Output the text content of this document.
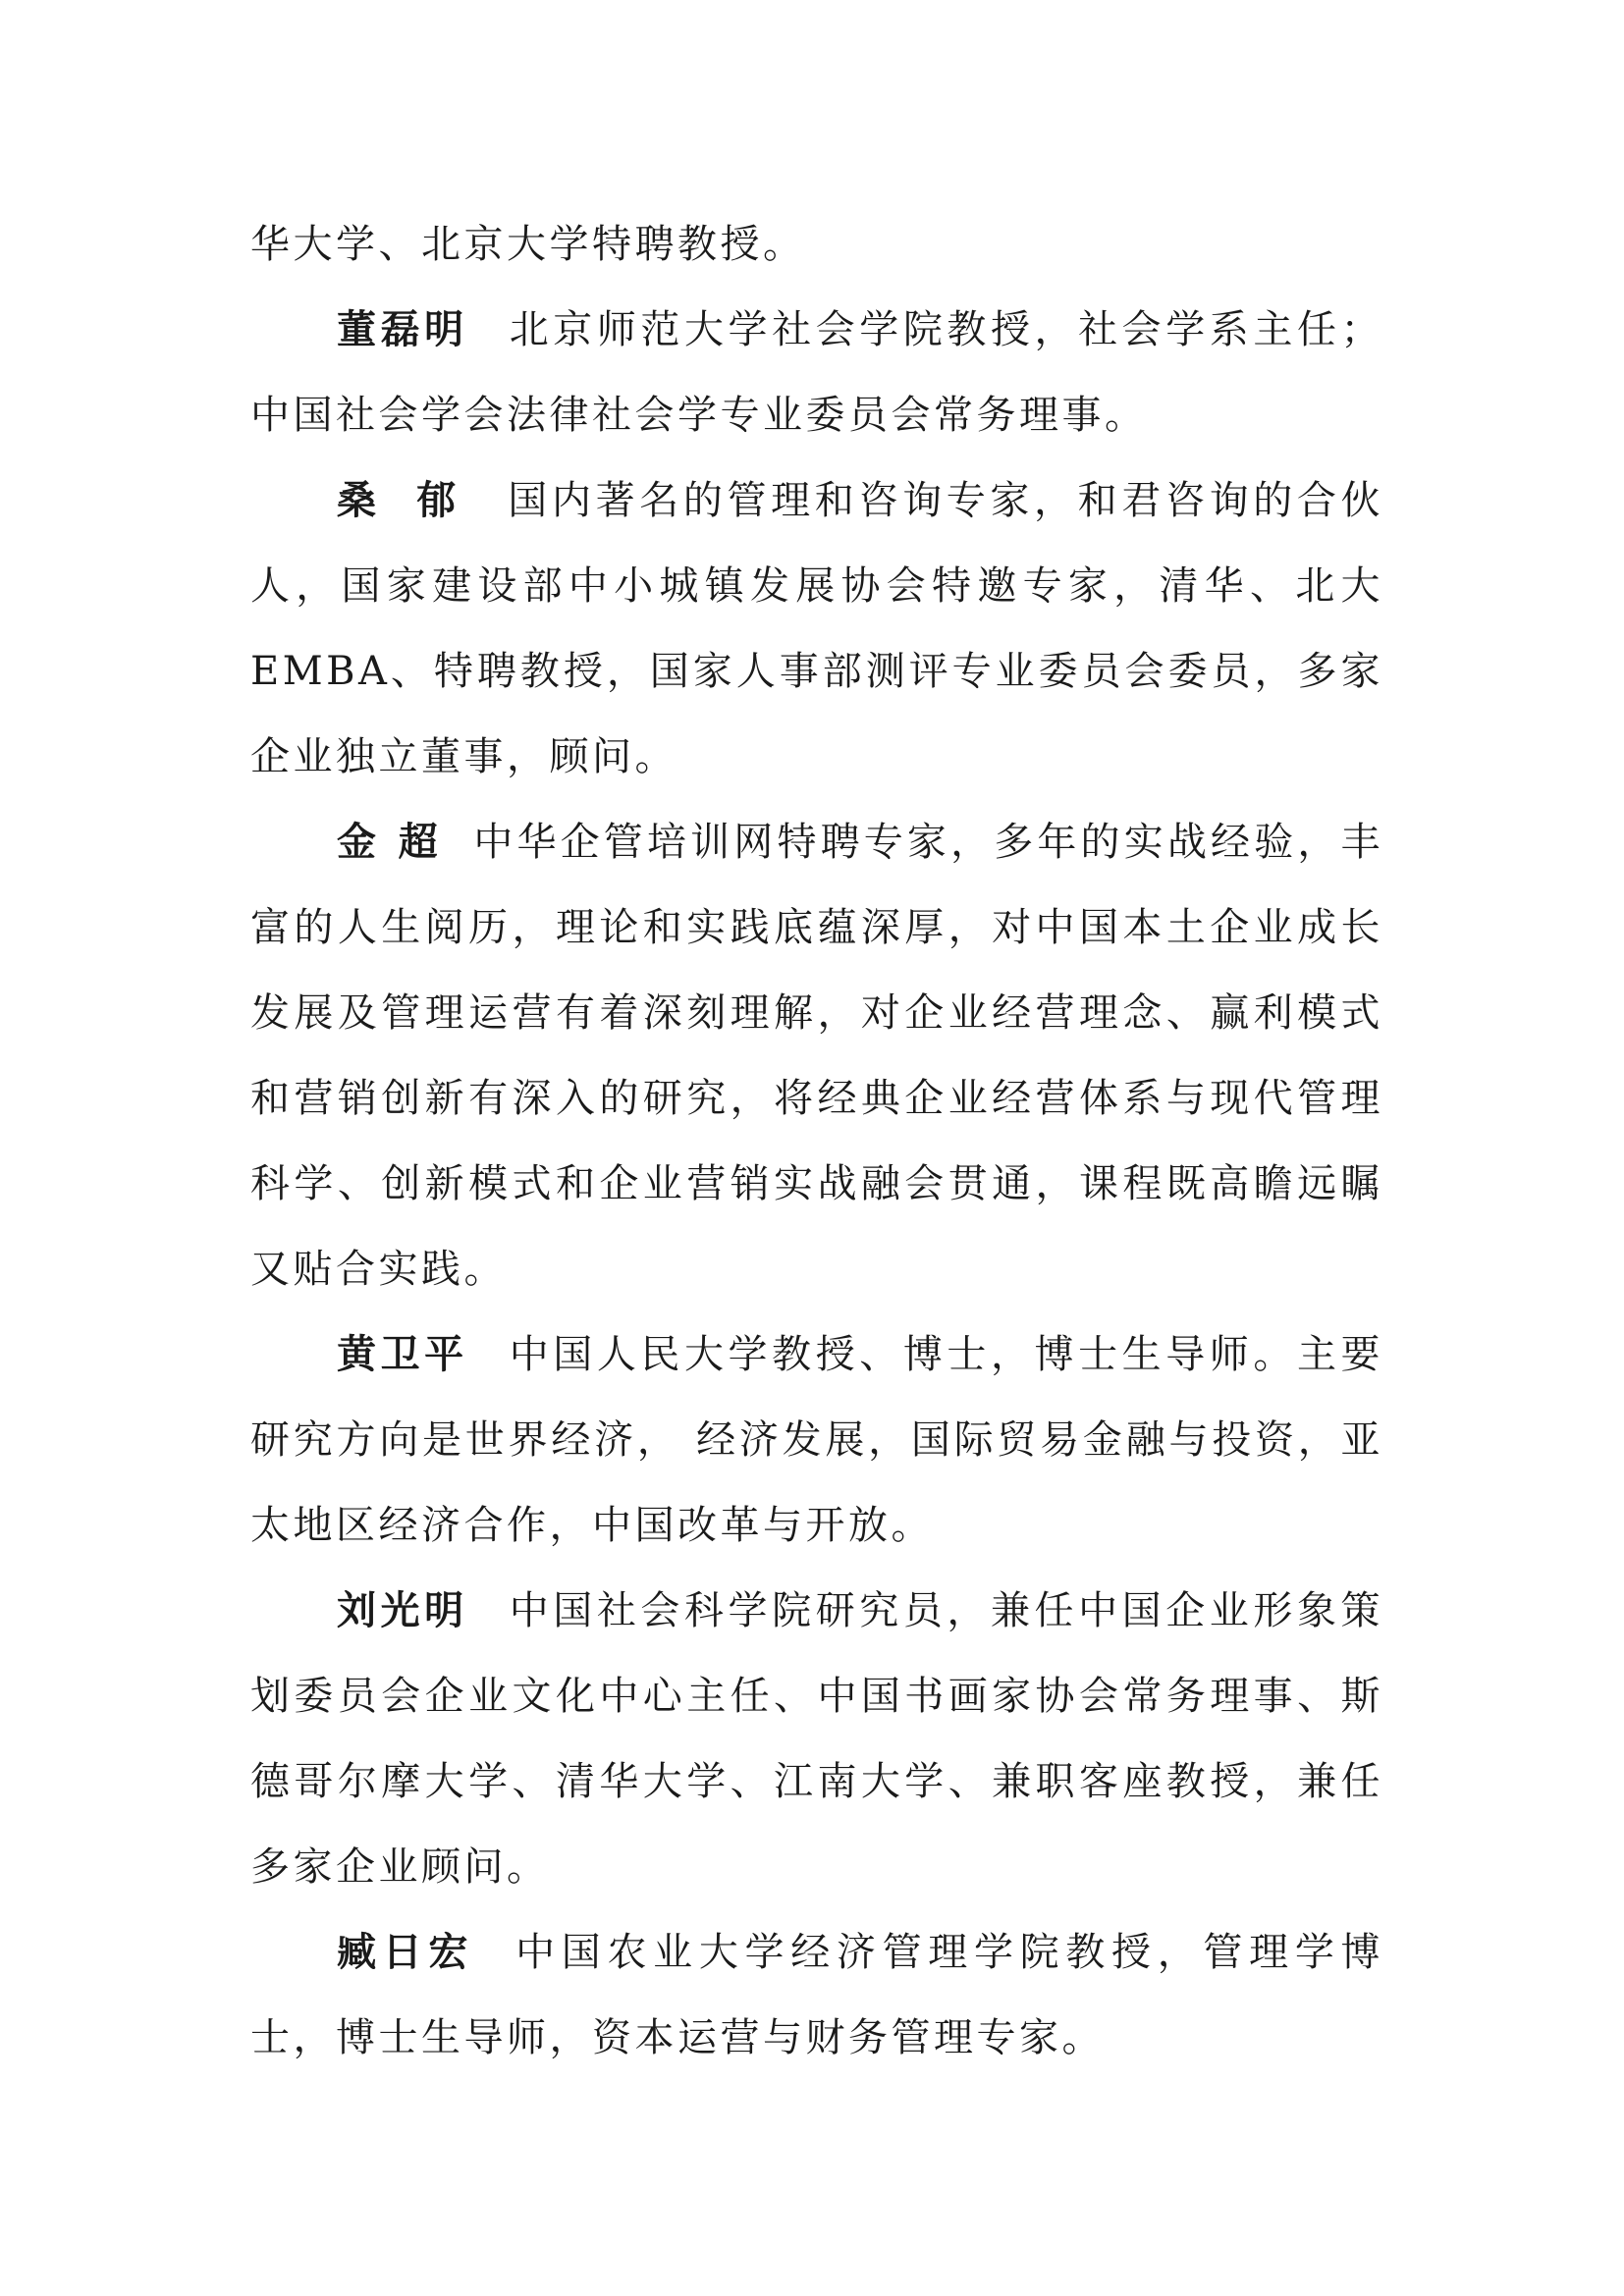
华大学、北京大学特聘教授。

董磊明 北京师范大学社会学院教授，社会学系主任；中国社会学会法律社会学专业委员会常务理事。

桑郁 国内著名的管理和咨询专家，和君咨询的合伙人，国家建设部中小城镇发展协会特邀专家，清华、北大EMBA、特聘教授，国家人事部测评专业委员会委员，多家企业独立董事，顾问。

金超 中华企管培训网特聘专家，多年的实战经验，丰富的人生阅历，理论和实践底蕴深厚，对中国本土企业成长发展及管理运营有着深刻理解，对企业经营理念、赢利模式和营销创新有深入的研究，将经典企业经营体系与现代管理科学、创新模式和企业营销实战融会贯通，课程既高瞻远瞩又贴合实践。

黄卫平 中国人民大学教授、博士，博士生导师。主要研究方向是世界经济， 经济发展，国际贸易金融与投资，亚太地区经济合作，中国改革与开放。

刘光明 中国社会科学院研究员，兼任中国企业形象策划委员会企业文化中心主任、中国书画家协会常务理事、斯德哥尔摩大学、清华大学、江南大学、兼职客座教授，兼任多家企业顾问。

臧日宏 中国农业大学经济管理学院教授，管理学博士，博士生导师，资本运营与财务管理专家。
